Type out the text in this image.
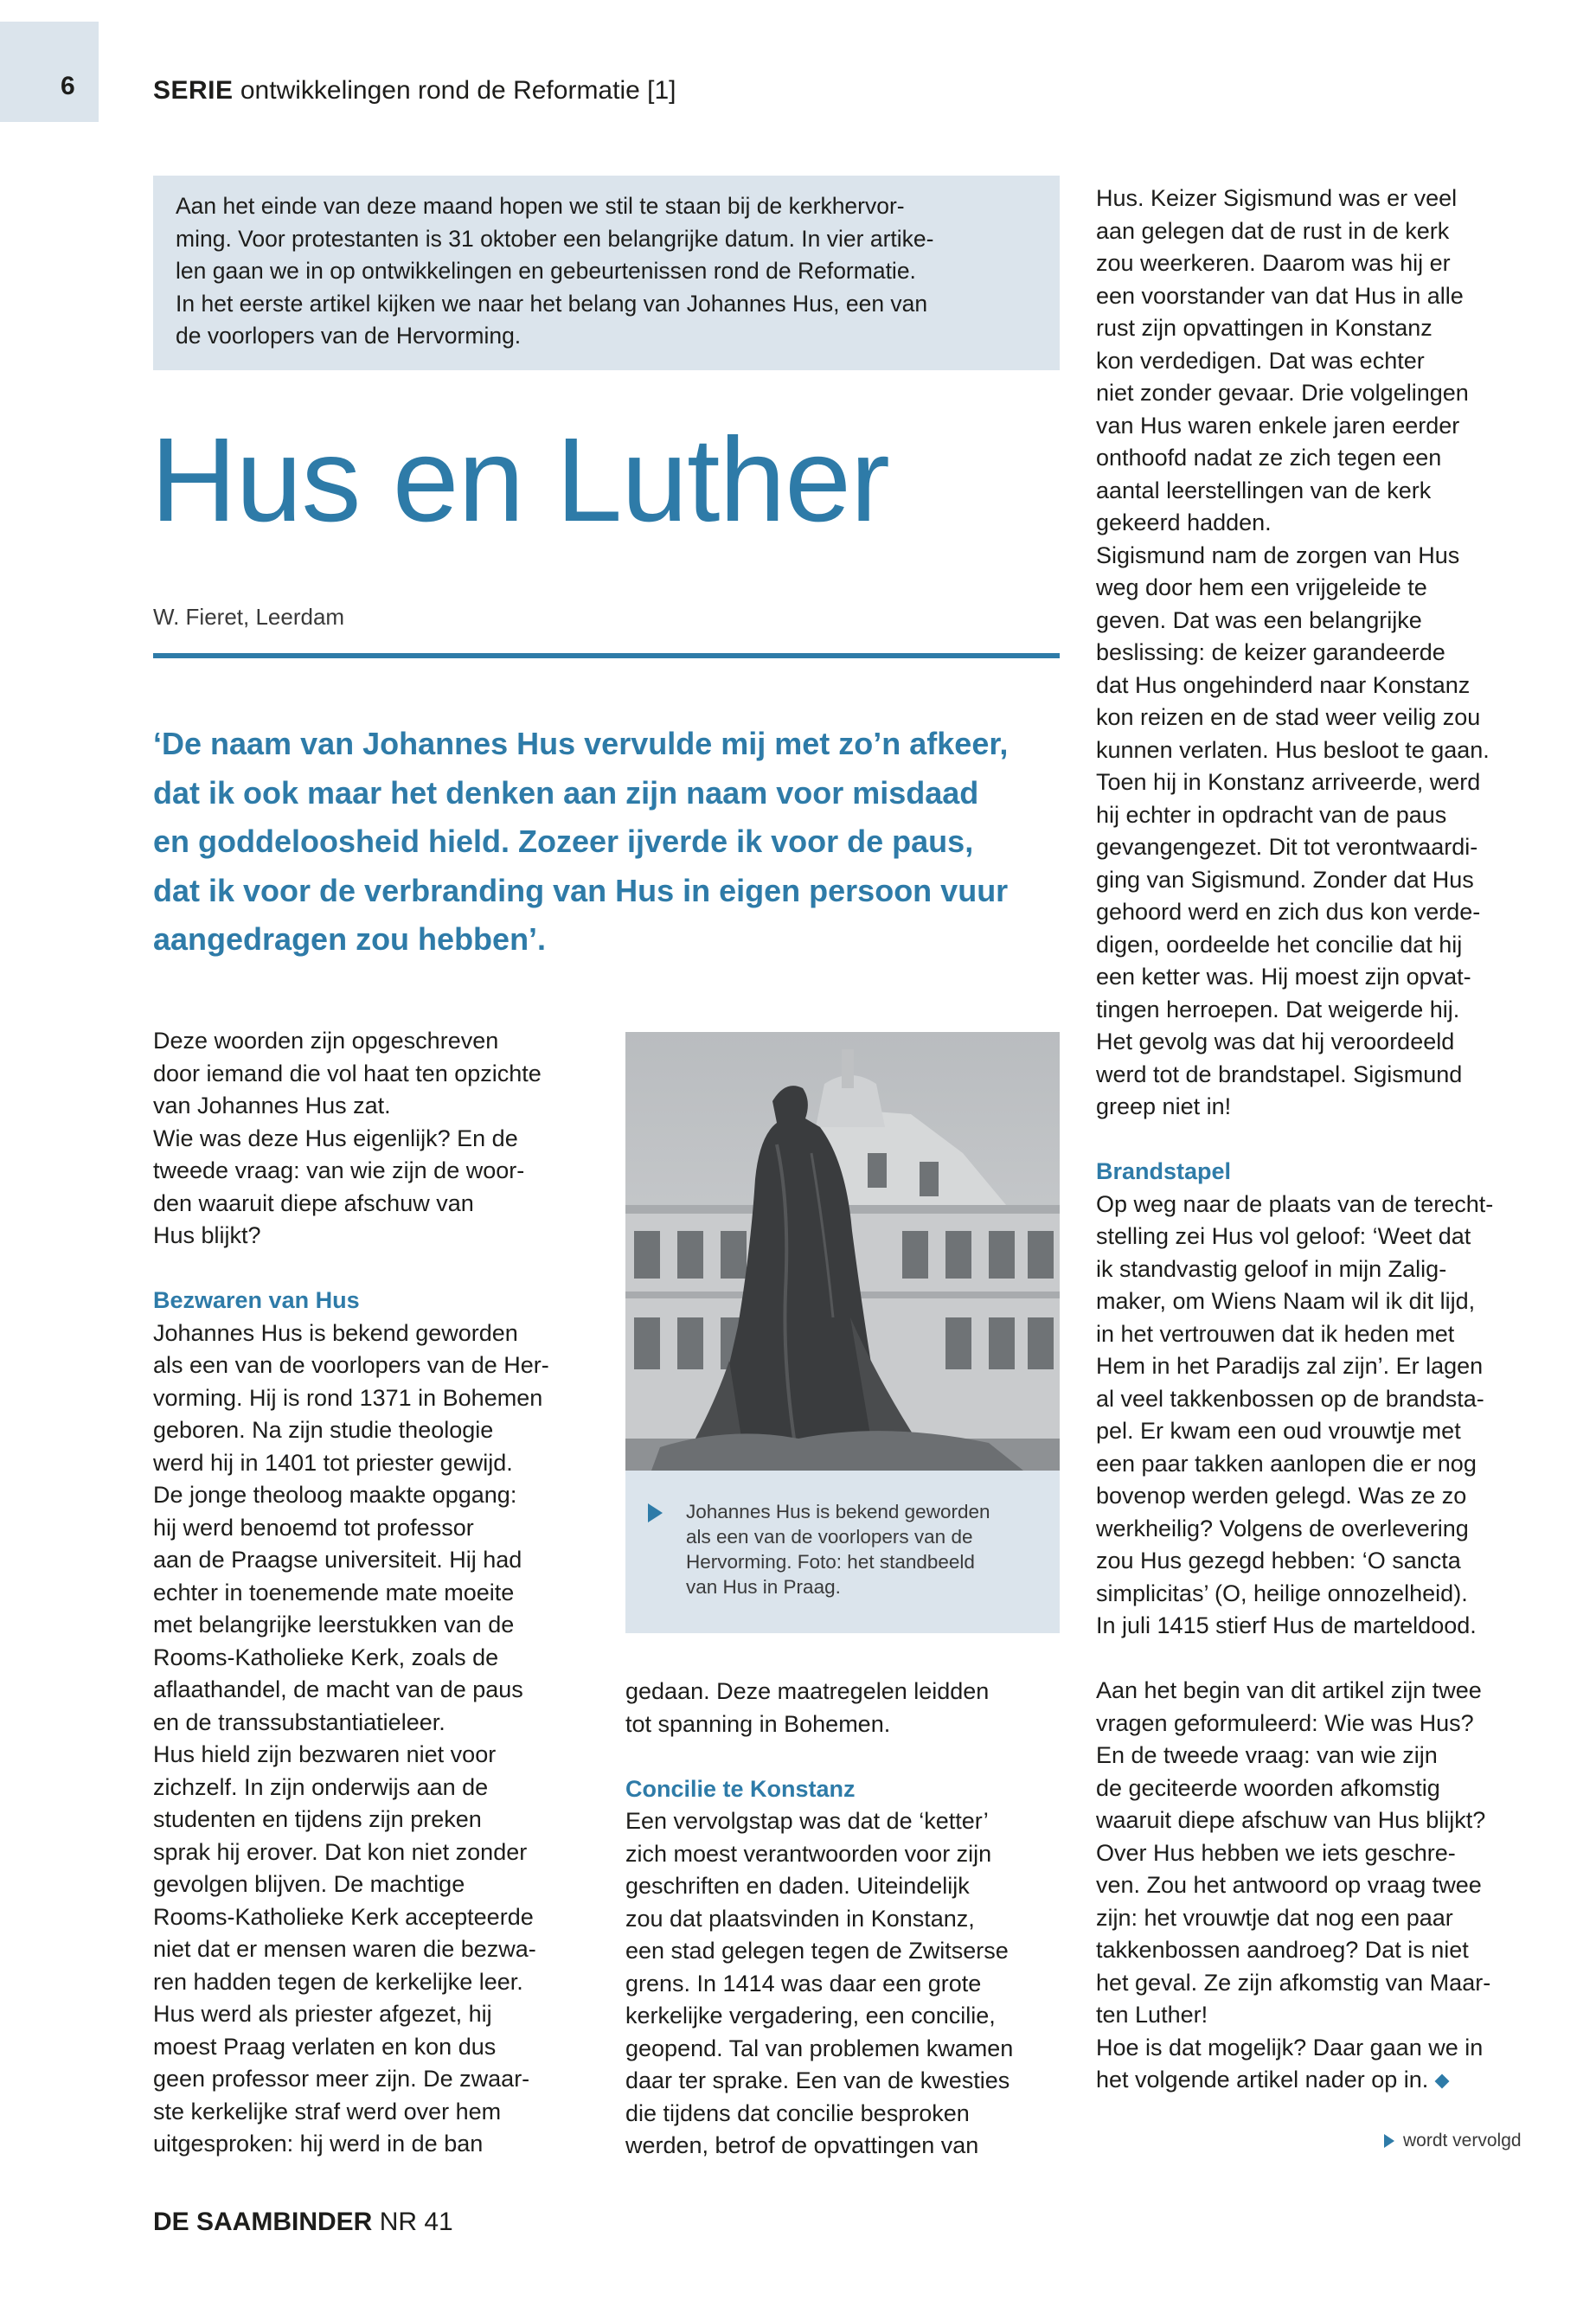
6	SERIE ontwikkelingen rond de Reformatie [1]

Aan het einde van deze maand hopen we stil te staan bij de kerkhervor-
ming. Voor protestanten is 31 oktober een belangrijke datum. In vier artike-
len gaan we in op ontwikkelingen en gebeurtenissen rond de Reformatie.
In het eerste artikel kijken we naar het belang van Johannes Hus, een van
de voorlopers van de Hervorming.

Hus en Luther
W. Fieret, Leerdam
‘De naam van Johannes Hus vervulde mij met zo’n afkeer,
dat ik ook maar het denken aan zijn naam voor misdaad
en goddeloosheid hield. Zozeer ijverde ik voor de paus,
dat ik voor de verbranding van Hus in eigen persoon vuur
aangedragen zou hebben’.
Deze woorden zijn opgeschreven
door iemand die vol haat ten opzichte
van Johannes Hus zat.
Wie was deze Hus eigenlijk? En de
tweede vraag: van wie zijn de woor-
den waaruit diepe afschuw van
Hus blijkt?
Bezwaren van Hus
Johannes Hus is bekend geworden
als een van de voorlopers van de Her-
vorming. Hij is rond 1371 in Bohemen
geboren. Na zijn studie theologie
werd hij in 1401 tot priester gewijd.
De jonge theoloog maakte opgang:
hij werd benoemd tot professor
aan de Praagse universiteit. Hij had
echter in toenemende mate moeite
met belangrijke leerstukken van de
Rooms-Katholieke Kerk, zoals de
aflaathandel, de macht van de paus
en de transsubstantiatieleer.
Hus hield zijn bezwaren niet voor
zichzelf. In zijn onderwijs aan de
studenten en tijdens zijn preken
sprak hij erover. Dat kon niet zonder
gevolgen blijven. De machtige
Rooms-Katholieke Kerk accepteerde
niet dat er mensen waren die bezwa-
ren hadden tegen de kerkelijke leer.
Hus werd als priester afgezet, hij
moest Praag verlaten en kon dus
geen professor meer zijn. De zwaar-
ste kerkelijke straf werd over hem
uitgesproken: hij werd in de ban
Johannes Hus is bekend geworden
als een van de voorlopers van de
Hervorming. Foto: het standbeeld
van Hus in Praag.
gedaan. Deze maatregelen leidden
tot spanning in Bohemen.
Concilie te Konstanz
Een vervolgstap was dat de ‘ketter’
zich moest verantwoorden voor zijn
geschriften en daden. Uiteindelijk
zou dat plaatsvinden in Konstanz,
een stad gelegen tegen de Zwitserse
grens. In 1414 was daar een grote
kerkelijke vergadering, een concilie,
geopend. Tal van problemen kwamen
daar ter sprake. Een van de kwesties
die tijdens dat concilie besproken
werden, betrof de opvattingen van
Hus. Keizer Sigismund was er veel
aan gelegen dat de rust in de kerk
zou weerkeren. Daarom was hij er
een voorstander van dat Hus in alle
rust zijn opvattingen in Konstanz
kon verdedigen. Dat was echter
niet zonder gevaar. Drie volgelingen
van Hus waren enkele jaren eerder
onthoofd nadat ze zich tegen een
aantal leerstellingen van de kerk
gekeerd hadden.
Sigismund nam de zorgen van Hus
weg door hem een vrijgeleide te
geven. Dat was een belangrijke
beslissing: de keizer garandeerde
dat Hus ongehinderd naar Konstanz
kon reizen en de stad weer veilig zou
kunnen verlaten. Hus besloot te gaan.
Toen hij in Konstanz arriveerde, werd
hij echter in opdracht van de paus
gevangengezet. Dit tot verontwaardi-
ging van Sigismund. Zonder dat Hus
gehoord werd en zich dus kon verde-
digen, oordeelde het concilie dat hij
een ketter was. Hij moest zijn opvat-
tingen herroepen. Dat weigerde hij.
Het gevolg was dat hij veroordeeld
werd tot de brandstapel. Sigismund
greep niet in!
Brandstapel
Op weg naar de plaats van de terecht-
stelling zei Hus vol geloof: ‘Weet dat
ik standvastig geloof in mijn Zalig-
maker, om Wiens Naam wil ik dit lijd,
in het vertrouwen dat ik heden met
Hem in het Paradijs zal zijn’. Er lagen
al veel takkenbossen op de brandsta-
pel. Er kwam een oud vrouwtje met
een paar takken aanlopen die er nog
bovenop werden gelegd. Was ze zo
werkheilig? Volgens de overlevering
zou Hus gezegd hebben: ‘O sancta
simplicitas’ (O, heilige onnozelheid).
In juli 1415 stierf Hus de marteldood.
Aan het begin van dit artikel zijn twee
vragen geformuleerd: Wie was Hus?
En de tweede vraag: van wie zijn
de geciteerde woorden afkomstig
waaruit diepe afschuw van Hus blijkt?
Over Hus hebben we iets geschre-
ven. Zou het antwoord op vraag twee
zijn: het vrouwtje dat nog een paar
takkenbossen aandroeg? Dat is niet
het geval. Ze zijn afkomstig van Maar-
ten Luther!
Hoe is dat mogelijk? Daar gaan we in
het volgende artikel nader op in.
wordt vervolgd
DE SAAMBINDER NR 41
